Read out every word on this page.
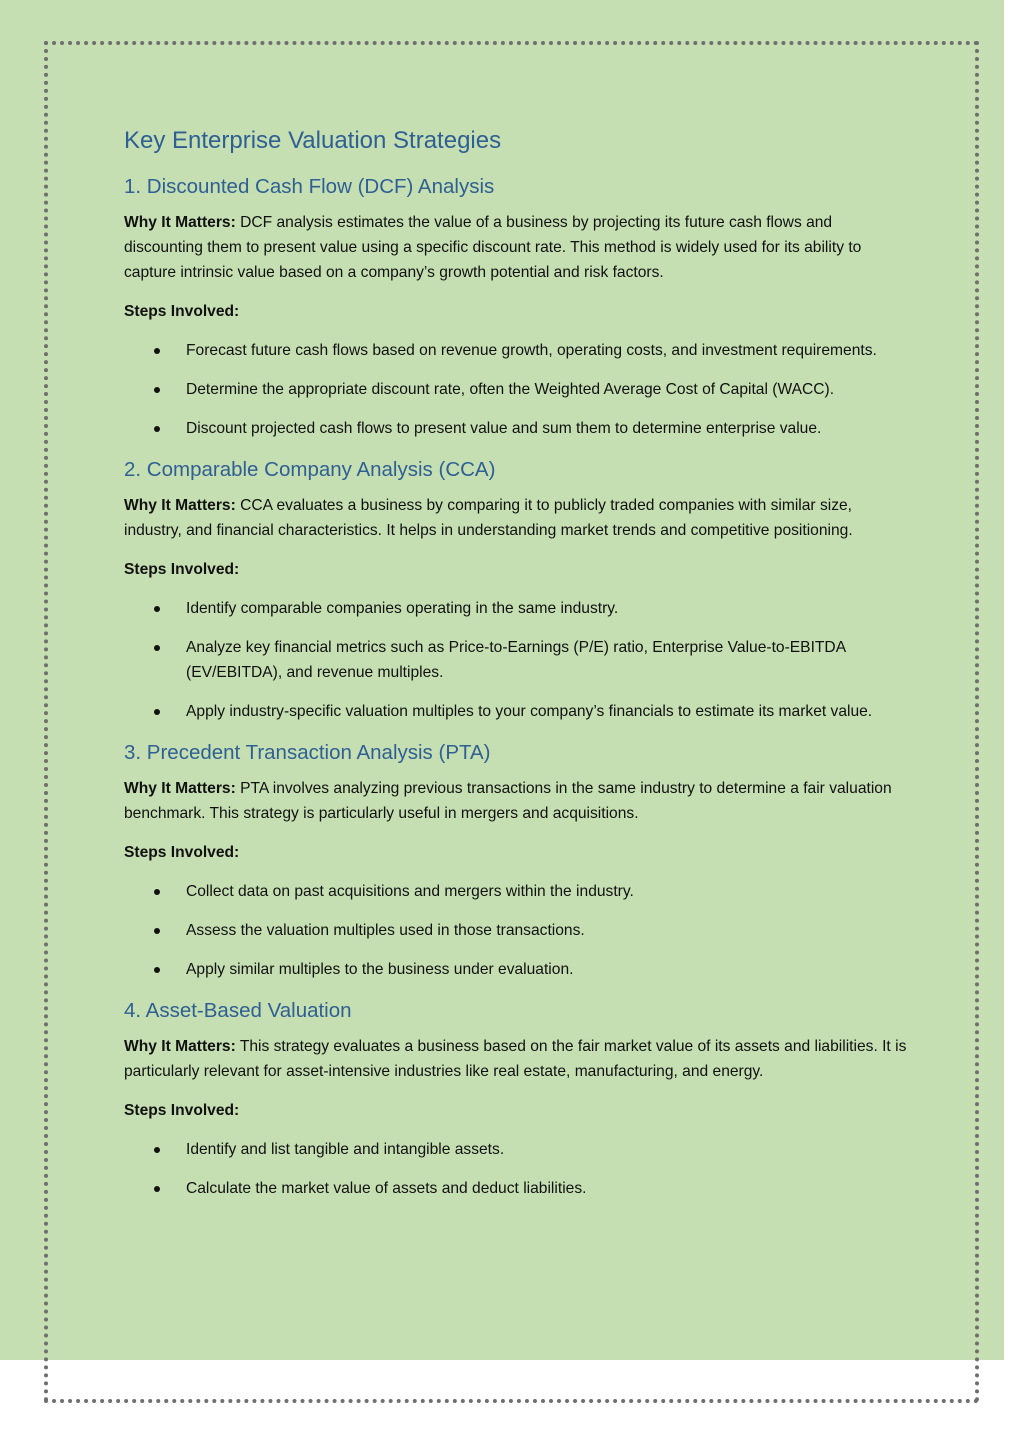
Key Enterprise Valuation Strategies
1. Discounted Cash Flow (DCF) Analysis

Why It Matters: DCF analysis estimates the value of a business by projecting its future cash flows and discounting them to present value using a specific discount rate. This method is widely used for its ability to capture intrinsic value based on a company’s growth potential and risk factors.

Steps Involved:
Forecast future cash flows based on revenue growth, operating costs, and investment requirements.
Determine the appropriate discount rate, often the Weighted Average Cost of Capital (WACC).
Discount projected cash flows to present value and sum them to determine enterprise value.
2. Comparable Company Analysis (CCA)

Why It Matters: CCA evaluates a business by comparing it to publicly traded companies with similar size, industry, and financial characteristics. It helps in understanding market trends and competitive positioning.

Steps Involved:
Identify comparable companies operating in the same industry.
Analyze key financial metrics such as Price-to-Earnings (P/E) ratio, Enterprise Value-to-EBITDA (EV/EBITDA), and revenue multiples.
Apply industry-specific valuation multiples to your company’s financials to estimate its market value.
3. Precedent Transaction Analysis (PTA)

Why It Matters: PTA involves analyzing previous transactions in the same industry to determine a fair valuation benchmark. This strategy is particularly useful in mergers and acquisitions.

Steps Involved:
Collect data on past acquisitions and mergers within the industry.
Assess the valuation multiples used in those transactions.
Apply similar multiples to the business under evaluation.
4. Asset-Based Valuation

Why It Matters: This strategy evaluates a business based on the fair market value of its assets and liabilities. It is particularly relevant for asset-intensive industries like real estate, manufacturing, and energy.

Steps Involved:
Identify and list tangible and intangible assets.
Calculate the market value of assets and deduct liabilities.
